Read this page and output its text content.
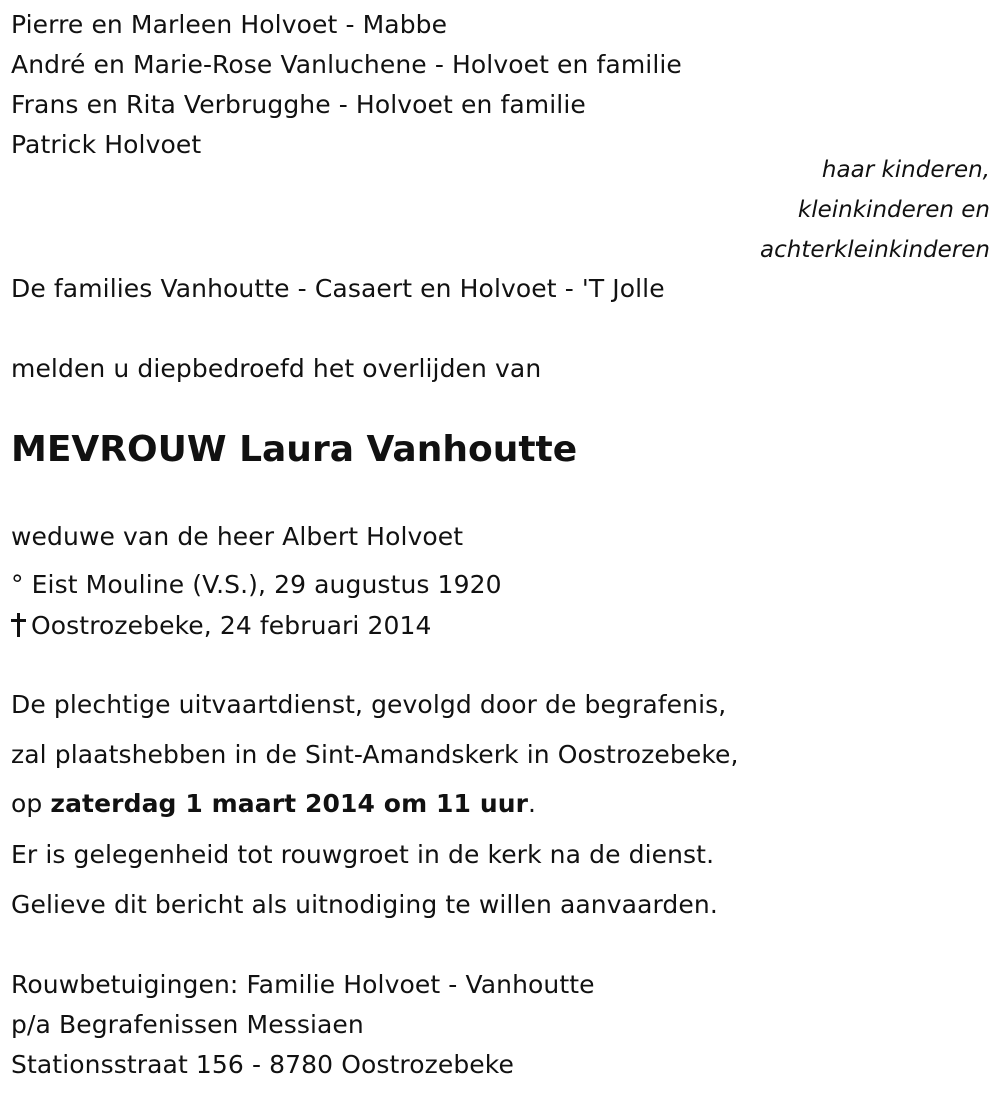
Pierre en Marleen Holvoet - Mabbe
André en Marie-Rose Vanluchene - Holvoet en familie
Frans en Rita Verbrugghe - Holvoet en familie
Patrick Holvoet
haar kinderen,
kleinkinderen en
achterkleinkinderen
De families Vanhoutte - Casaert en Holvoet - 'T Jolle
melden u diepbedroefd het overlijden van
MEVROUW Laura Vanhoutte
weduwe van de heer Albert Holvoet
° Eist Mouline (V.S.), 29 augustus 1920
Oostrozebeke, 24 februari 2014
De plechtige uitvaartdienst, gevolgd door de begrafenis,
zal plaatshebben in de Sint-Amandskerk in Oostrozebeke,
op zaterdag 1 maart 2014 om 11 uur.
Er is gelegenheid tot rouwgroet in de kerk na de dienst.
Gelieve dit bericht als uitnodiging te willen aanvaarden.
Rouwbetuigingen: Familie Holvoet - Vanhoutte
p/a Begrafenissen Messiaen
Stationsstraat 156 - 8780 Oostrozebeke
